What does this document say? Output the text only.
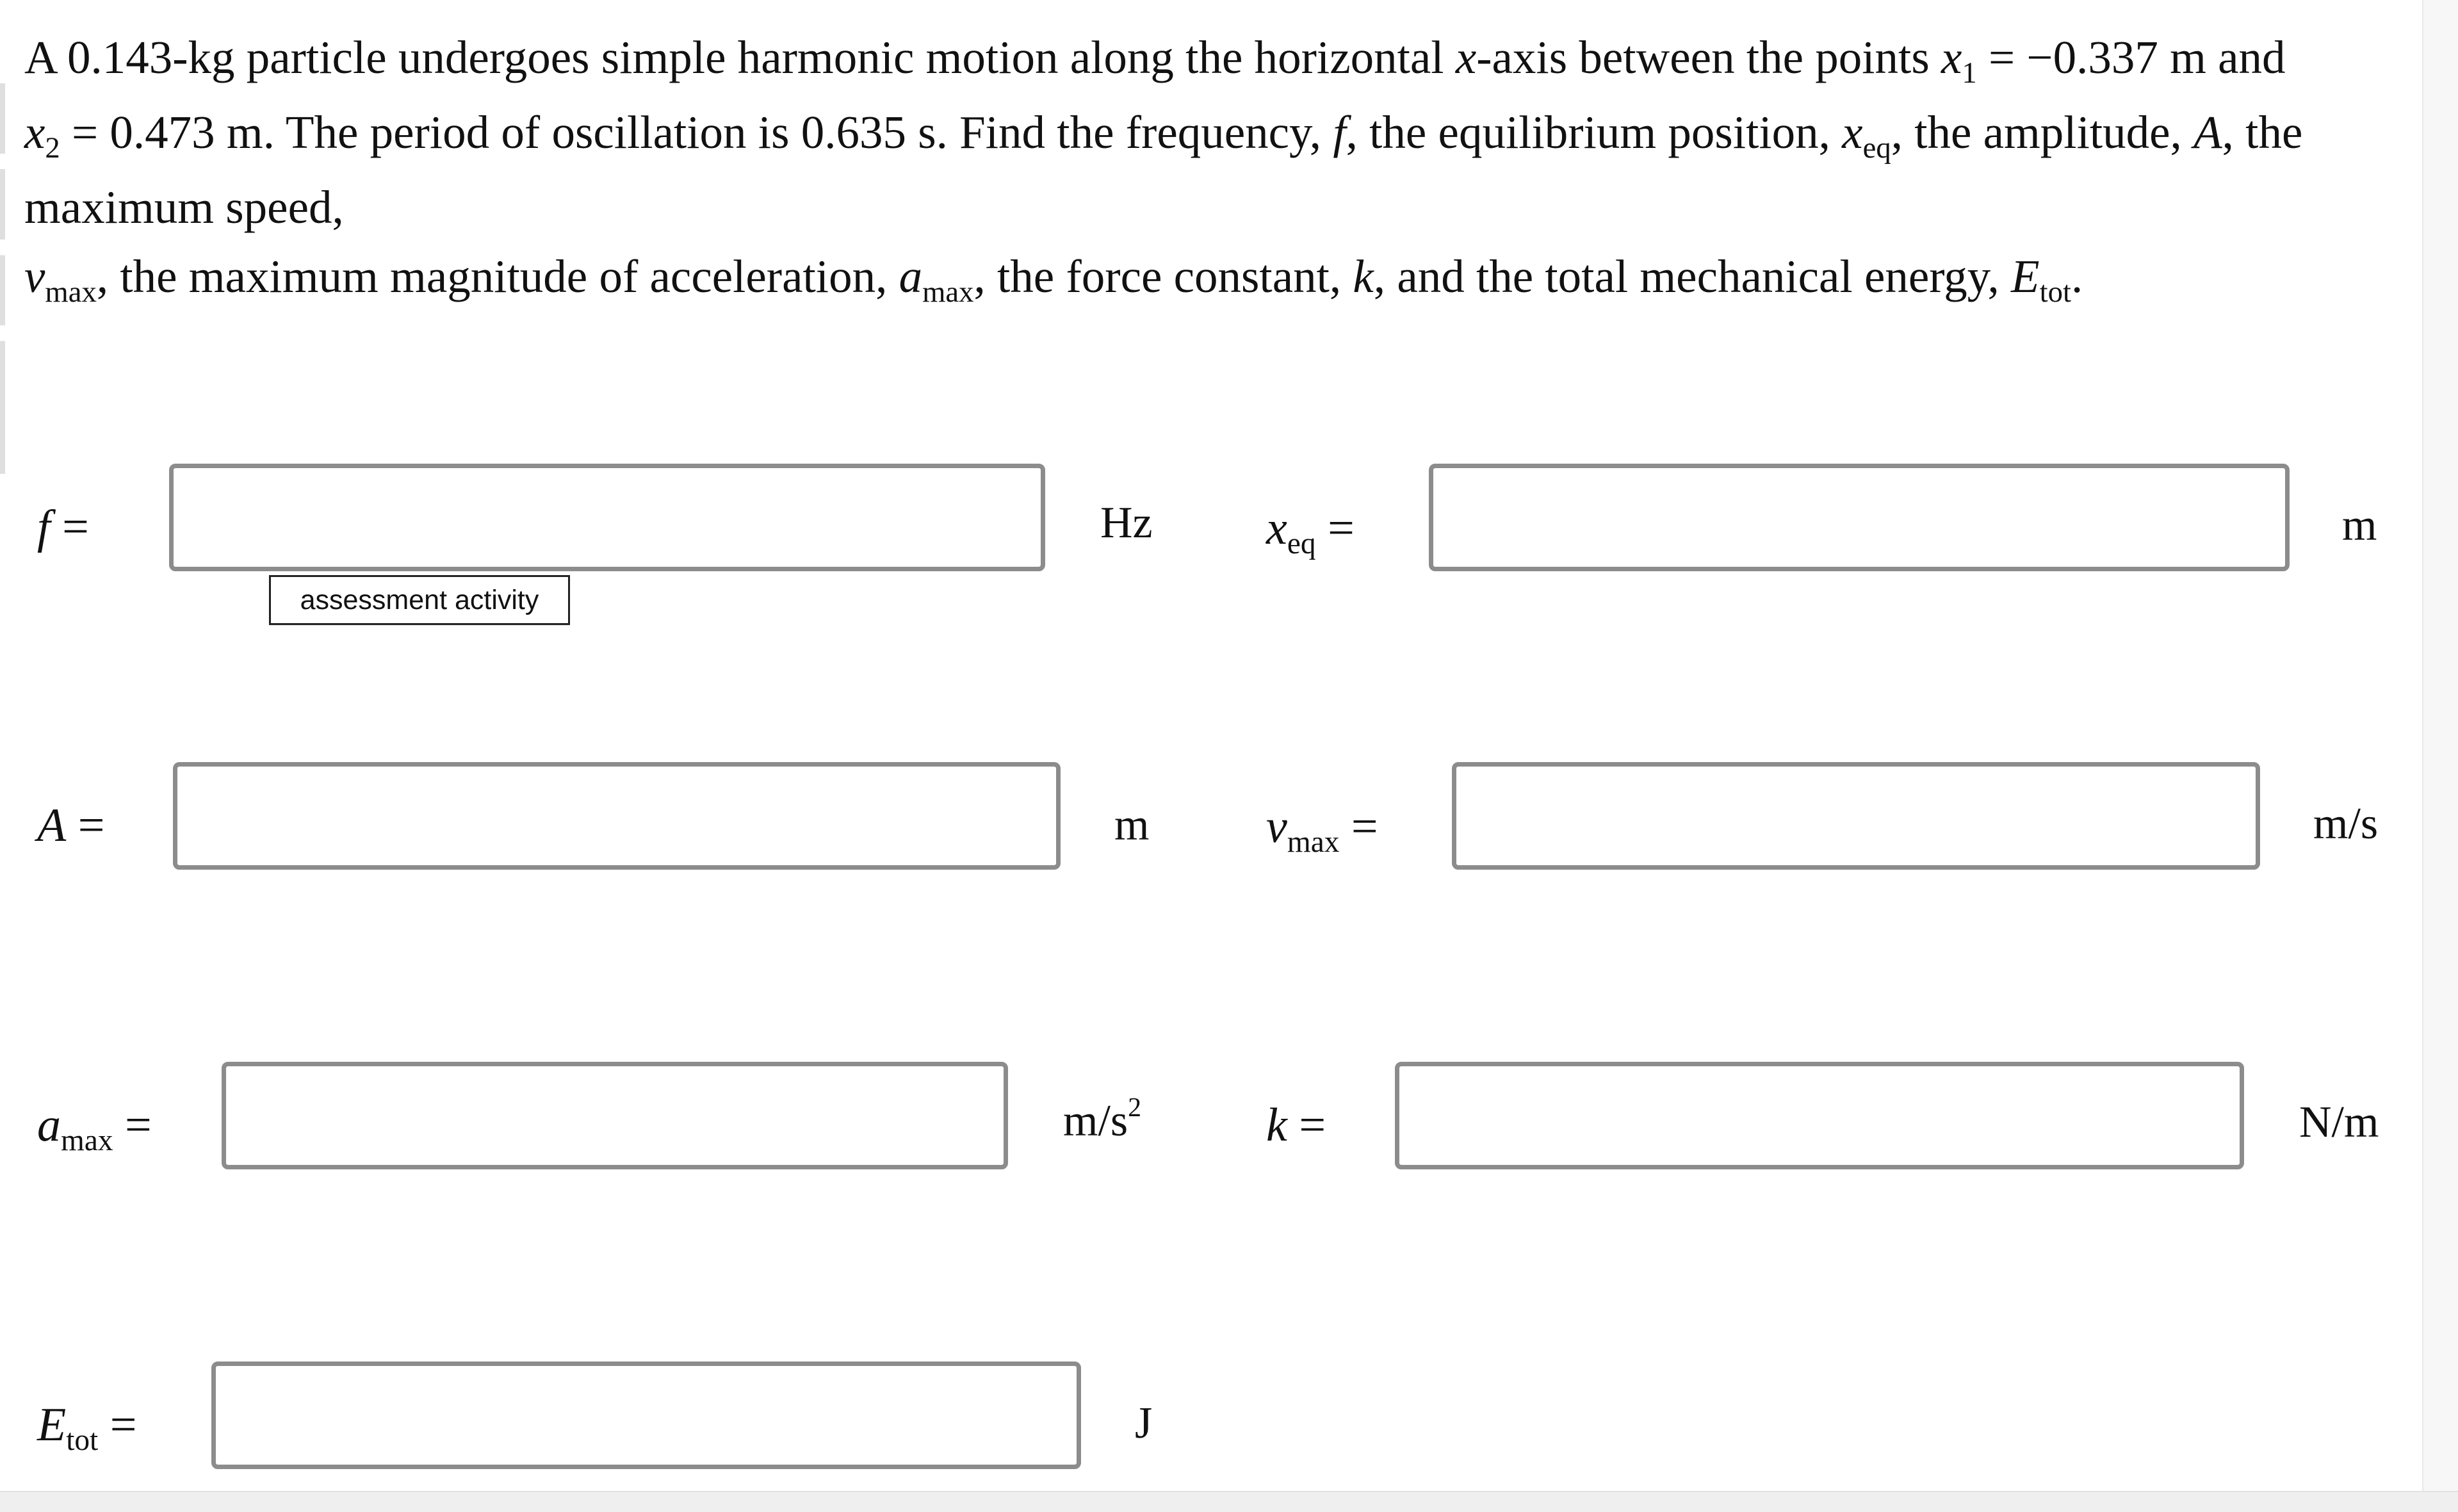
A 0.143-kg particle undergoes simple harmonic motion along the horizontal x-axis between the points $x_1 = -0.337$ m and
$x_2 = 0.473$ m. The period of oscillation is 0.635 s. Find the frequency, f, the equilibrium position, $x_{eq}$, the amplitude, A, the maximum speed,
$v_{max}$, the maximum magnitude of acceleration, $a_{max}$, the force constant, k, and the total mechanical energy, $E_{tot}$.
f =	Hz $x_{eq}$ =	m
assessment activity
A =	m $v_{max}$ =	m/s
$a_{max}$ =	$m/s^2$	k =	N/m
$E_{tot}$ =	J
